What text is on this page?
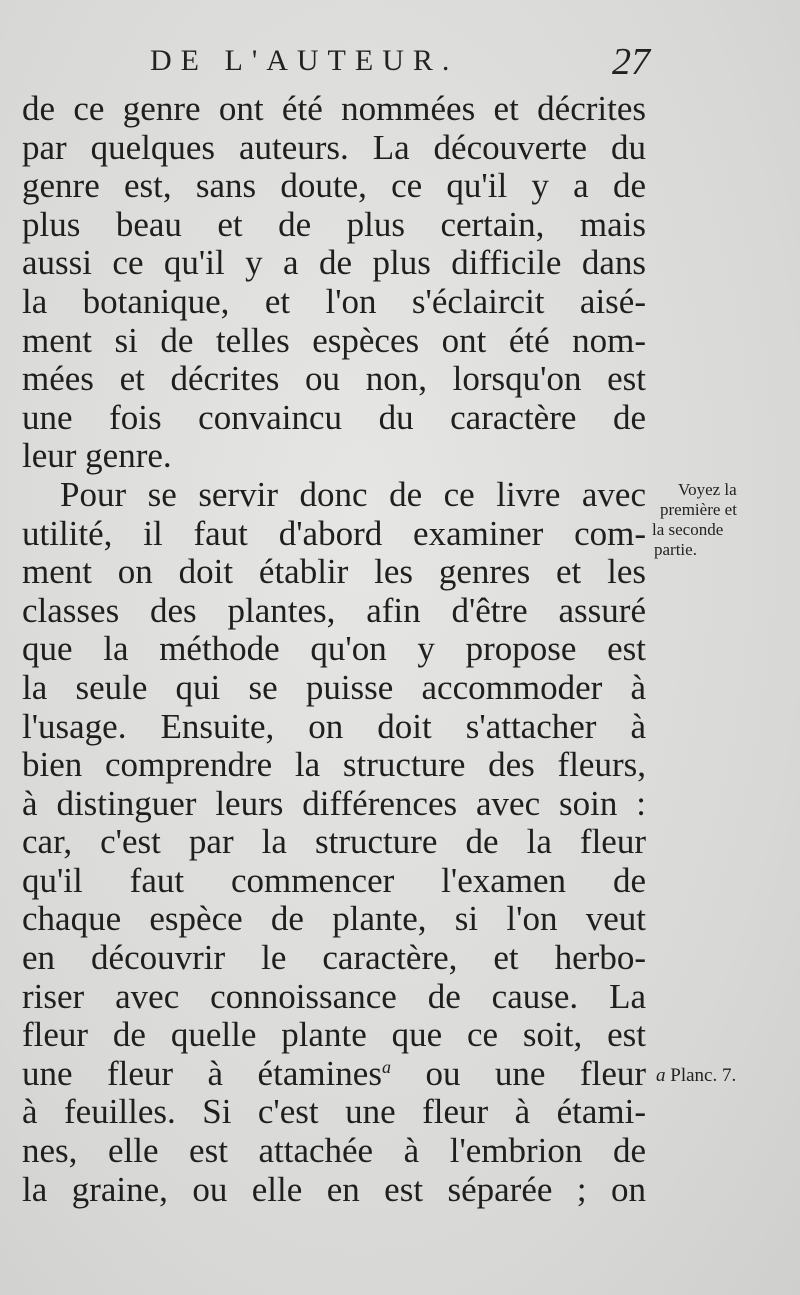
DE L'AUTEUR.	27
de ce genre ont été nommées et décrites
par quelques auteurs. La découverte du
genre est, sans doute, ce qu'il y a de
plus beau et de plus certain, mais
aussi ce qu'il y a de plus difficile dans
la botanique, et l'on s'éclaircit aisé-
ment si de telles espèces ont été nom-
mées et décrites ou non, lorsqu'on est
une fois convaincu du caractère de
leur genre.
Pour se servir donc de ce livre avec
utilité, il faut d'abord examiner com-
ment on doit établir les genres et les
classes des plantes, afin d'être assuré
que la méthode qu'on y propose est
la seule qui se puisse accommoder à
l'usage. Ensuite, on doit s'attacher à
bien comprendre la structure des fleurs,
à distinguer leurs différences avec soin :
car, c'est par la structure de la fleur
qu'il faut commencer l'examen de
chaque espèce de plante, si l'on veut
en découvrir le caractère, et herbo-
riser avec connoissance de cause. La
fleur de quelle plante que ce soit, est
une fleur à étamines$^a$ ou une fleur
à feuilles. Si c'est une fleur à étami-
nes, elle est attachée à l'embrion de
la graine, ou elle en est séparée ; on
Voyez la
première et
la seconde
partie.
a Planc. 7.
